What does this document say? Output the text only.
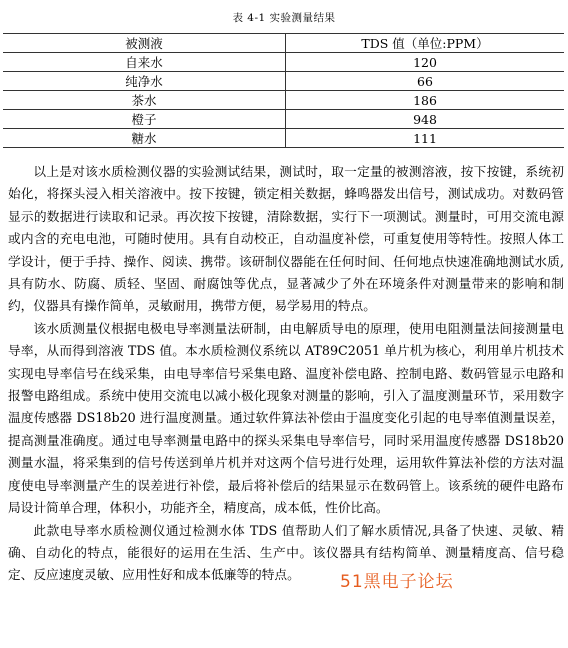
表 4-1 实验测量结果
被测液	TDS 值（单位:PPM）
自来水	120
纯净水	66
茶水	186
橙子	948
糖水	111

以上是对该水质检测仪器的实验测试结果，测试时，取一定量的被测溶液，按下按键，系统初始化，将探头浸入相关溶液中。按下按键，锁定相关数据，蜂鸣器发出信号，测试成功。对数码管显示的数据进行读取和记录。再次按下按键，清除数据，实行下一项测试。测量时，可用交流电源或内含的充电电池，可随时使用。具有自动校正，自动温度补偿，可重复使用等特性。按照人体工学设计，便于手持、操作、阅读、携带。该研制仪器能在任何时间、任何地点快速准确地测试水质,具有防水、防腐、质轻、坚固、耐腐蚀等优点，显著减少了外在环境条件对测量带来的影响和制约，仪器具有操作简单，灵敏耐用，携带方便，易学易用的特点。

该水质测量仪根据电极电导率测量法研制，由电解质导电的原理，使用电阻测量法间接测量电导率，从而得到溶液 TDS 值。本水质检测仪系统以 AT89C2051 单片机为核心，利用单片机技术实现电导率信号在线采集，由电导率信号采集电路、温度补偿电路、控制电路、数码管显示电路和报警电路组成。系统中使用交流电以减小极化现象对测量的影响，引入了温度测量环节，采用数字温度传感器 DS18b20 进行温度测量。通过软件算法补偿由于温度变化引起的电导率值测量误差，提高测量准确度。通过电导率测量电路中的探头采集电导率信号，同时采用温度传感器 DS18b20 测量水温，将采集到的信号传送到单片机并对这两个信号进行处理，运用软件算法补偿的方法对温度使电导率测量产生的误差进行补偿，最后将补偿后的结果显示在数码管上。该系统的硬件电路布局设计简单合理，体积小，功能齐全，精度高，成本低，性价比高。

此款电导率水质检测仪通过检测水体 TDS 值帮助人们了解水质情况,具备了快速、灵敏、精确、自动化的特点，能很好的运用在生活、生产中。该仪器具有结构简单、测量精度高、信号稳定、反应速度灵敏、应用性好和成本低廉等的特点。	51黑电子论坛
